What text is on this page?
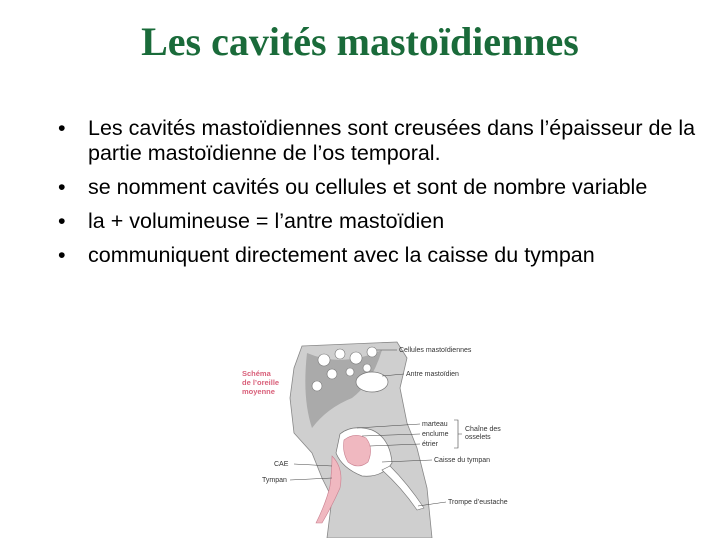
Les cavités mastoïdiennes
• Les cavités mastoïdiennes sont creusées dans l’épaisseur de la partie mastoïdienne de l’os temporal.
• se nomment cavités ou cellules et sont de nombre variable
• la + volumineuse = l’antre mastoïdien
• communiquent directement avec la caisse du tympan
Schéma
de l’oreille
moyenne
Cellules mastoïdiennes
Antre mastoïdien
marteau
enclume
étrier
Chaîne des
osselets
Caisse du tympan
CAE
Tympan
Trompe d’eustache
